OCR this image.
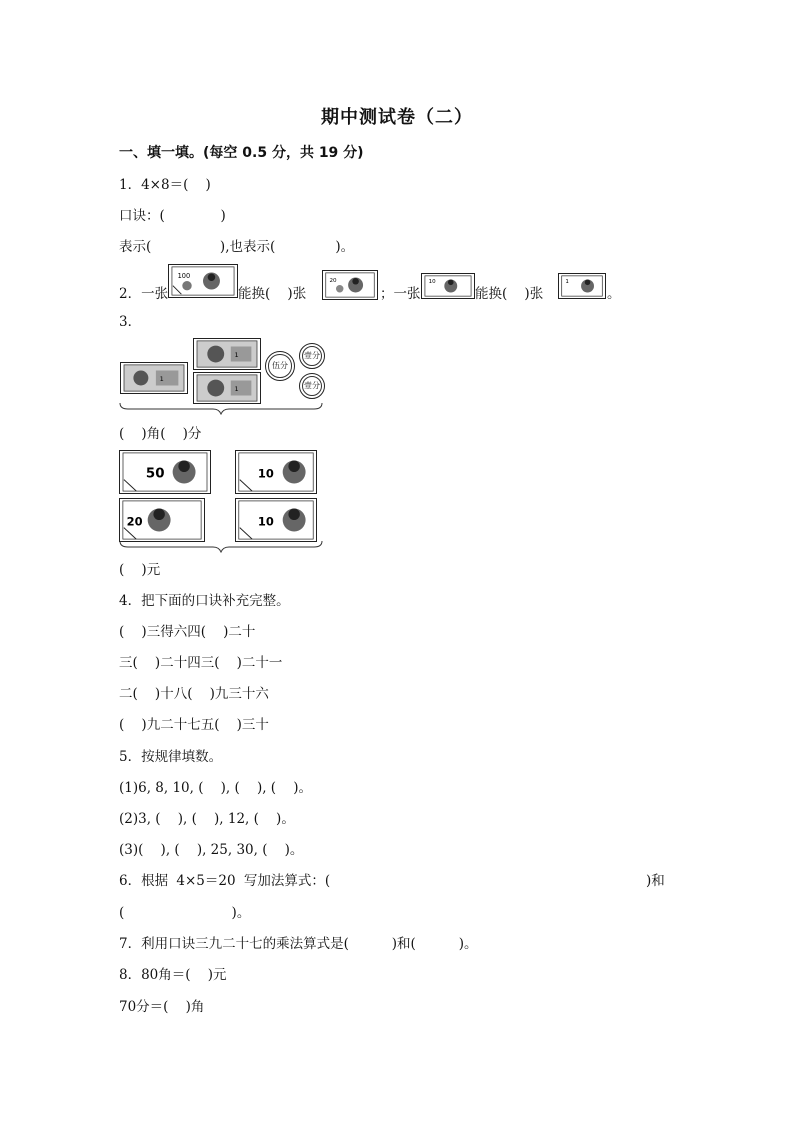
期中测试卷（二）
一、填一填。(每空 0.5 分，共 19 分)
1．4×8＝(    )
口诀：(             )
表示(                ),也表示(              )。
2．一张
100
能换(    )张
20
；一张
10
能换(    )张
1
。
3．
1
1
1
伍分
壹分
壹分
(    )角(    )分
50	10
20	10
(    )元
4．把下面的口诀补充完整。
(    )三得六四(    )二十
三(    )二十四三(    )二十一
二(    )十八(    )九三十六
(    )九二十七五(    )三十
5．按规律填数。
(1)6, 8, 10, (    ), (    ), (    )。
(2)3, (    ), (    ), 12, (    )。
(3)(    ), (    ), 25, 30, (    )。
6．根据 4×5＝20 写加法算式：(	)和
(                         )。
7．利用口诀三九二十七的乘法算式是(          )和(          )。
8．80角＝(    )元
70分＝(    )角
